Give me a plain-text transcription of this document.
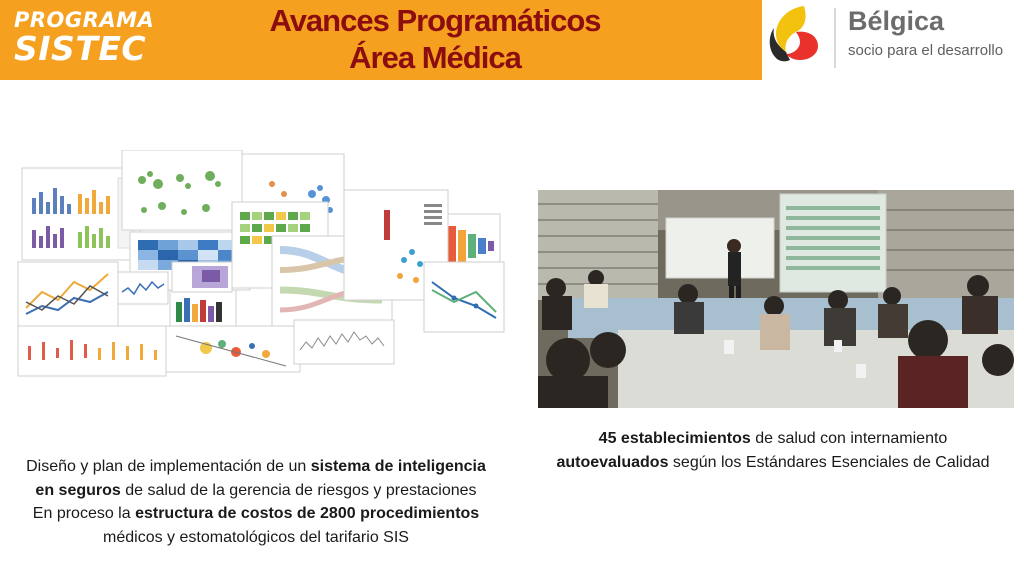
PROGRAMA
SISTEC
Avances Programáticos
Área Médica
Bélgica
socio para el desarrollo
Diseño y plan de implementación de un sistema de inteligencia en seguros de salud de la gerencia de riesgos y prestaciones
En proceso la estructura de costos de 2800 procedimientos médicos y estomatológicos del tarifario SIS
45 establecimientos de salud con internamiento
autoevaluados según los Estándares Esenciales de Calidad
